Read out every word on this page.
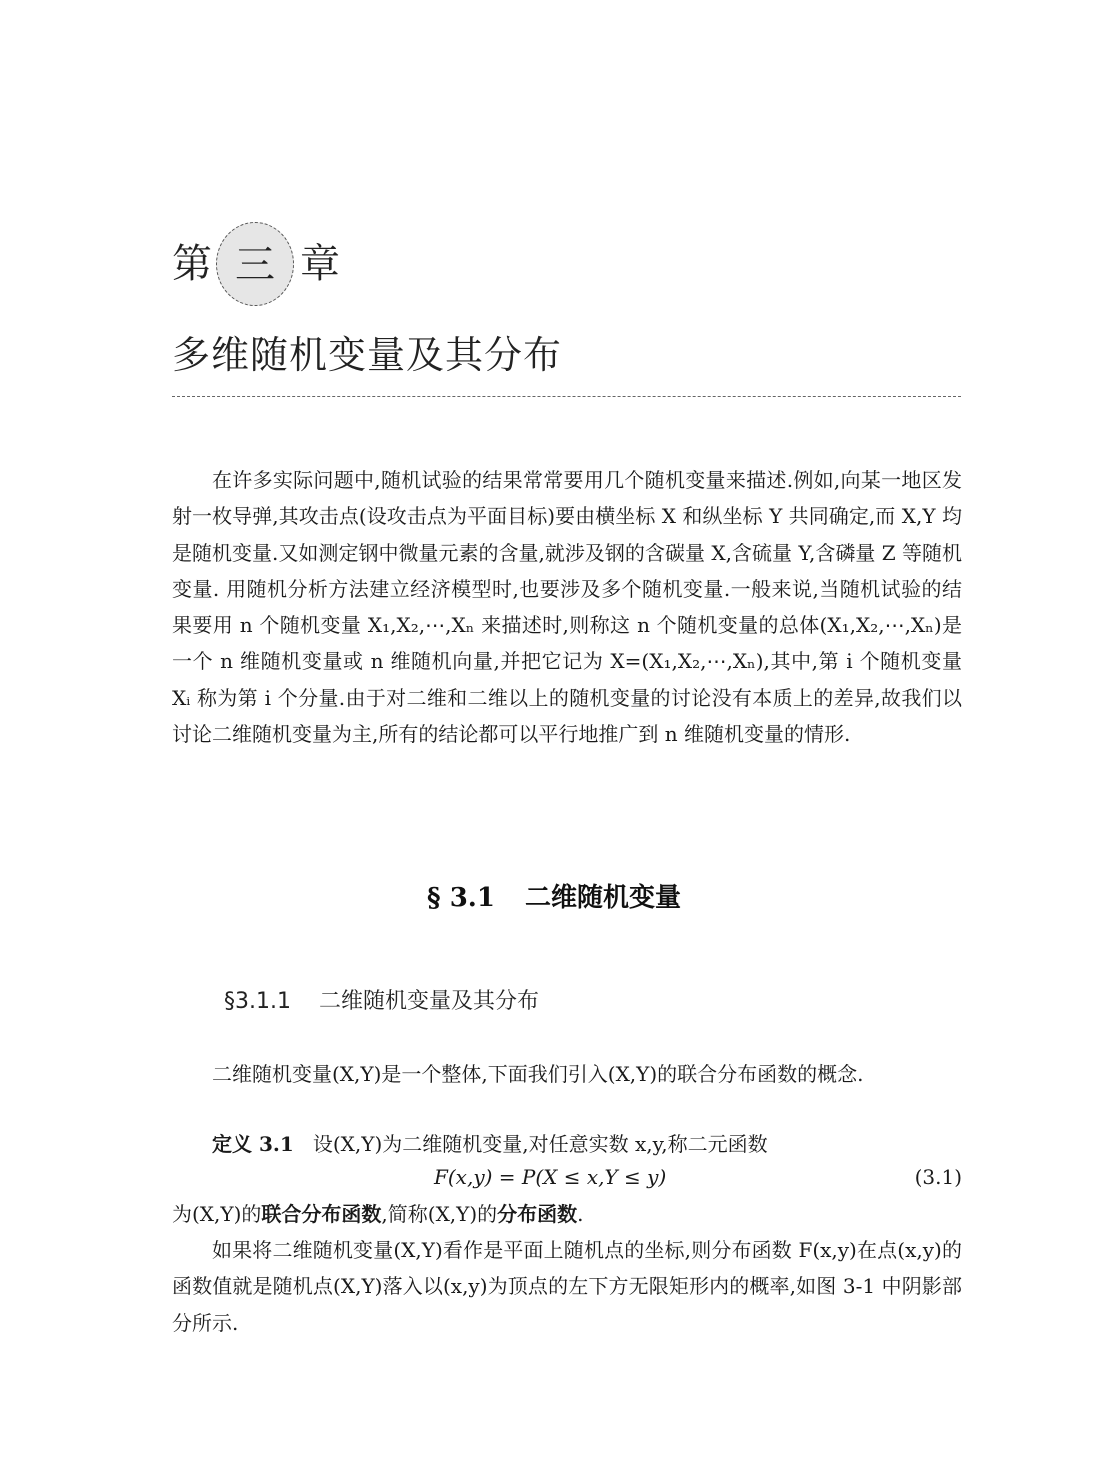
第 三 章
多维随机变量及其分布

在许多实际问题中,随机试验的结果常常要用几个随机变量来描述.例如,向某一地区发射一枚导弹,其攻击点(设攻击点为平面目标)要由横坐标 X 和纵坐标 Y 共同确定,而 X,Y 均是随机变量.又如测定钢中微量元素的含量,就涉及钢的含碳量 X,含硫量 Y,含磷量 Z 等随机变量. 用随机分析方法建立经济模型时,也要涉及多个随机变量.一般来说,当随机试验的结果要用 n 个随机变量 X₁,X₂,⋯,Xₙ 来描述时,则称这 n 个随机变量的总体(X₁,X₂,⋯,Xₙ)是一个 n 维随机变量或 n 维随机向量,并把它记为 X=(X₁,X₂,⋯,Xₙ),其中,第 i 个随机变量 Xᵢ 称为第 i 个分量.由于对二维和二维以上的随机变量的讨论没有本质上的差异,故我们以讨论二维随机变量为主,所有的结论都可以平行地推广到 n 维随机变量的情形.

§ 3.1 二维随机变量
§3.1.1 二维随机变量及其分布

二维随机变量(X,Y)是一个整体,下面我们引入(X,Y)的联合分布函数的概念.

定义 3.1 设(X,Y)为二维随机变量,对任意实数 x,y,称二元函数

F(x,y) = P(X ≤ x,Y ≤ y)	(3.1)

为(X,Y)的联合分布函数,简称(X,Y)的分布函数.

如果将二维随机变量(X,Y)看作是平面上随机点的坐标,则分布函数 F(x,y)在点(x,y)的函数值就是随机点(X,Y)落入以(x,y)为顶点的左下方无限矩形内的概率,如图 3-1 中阴影部分所示.
